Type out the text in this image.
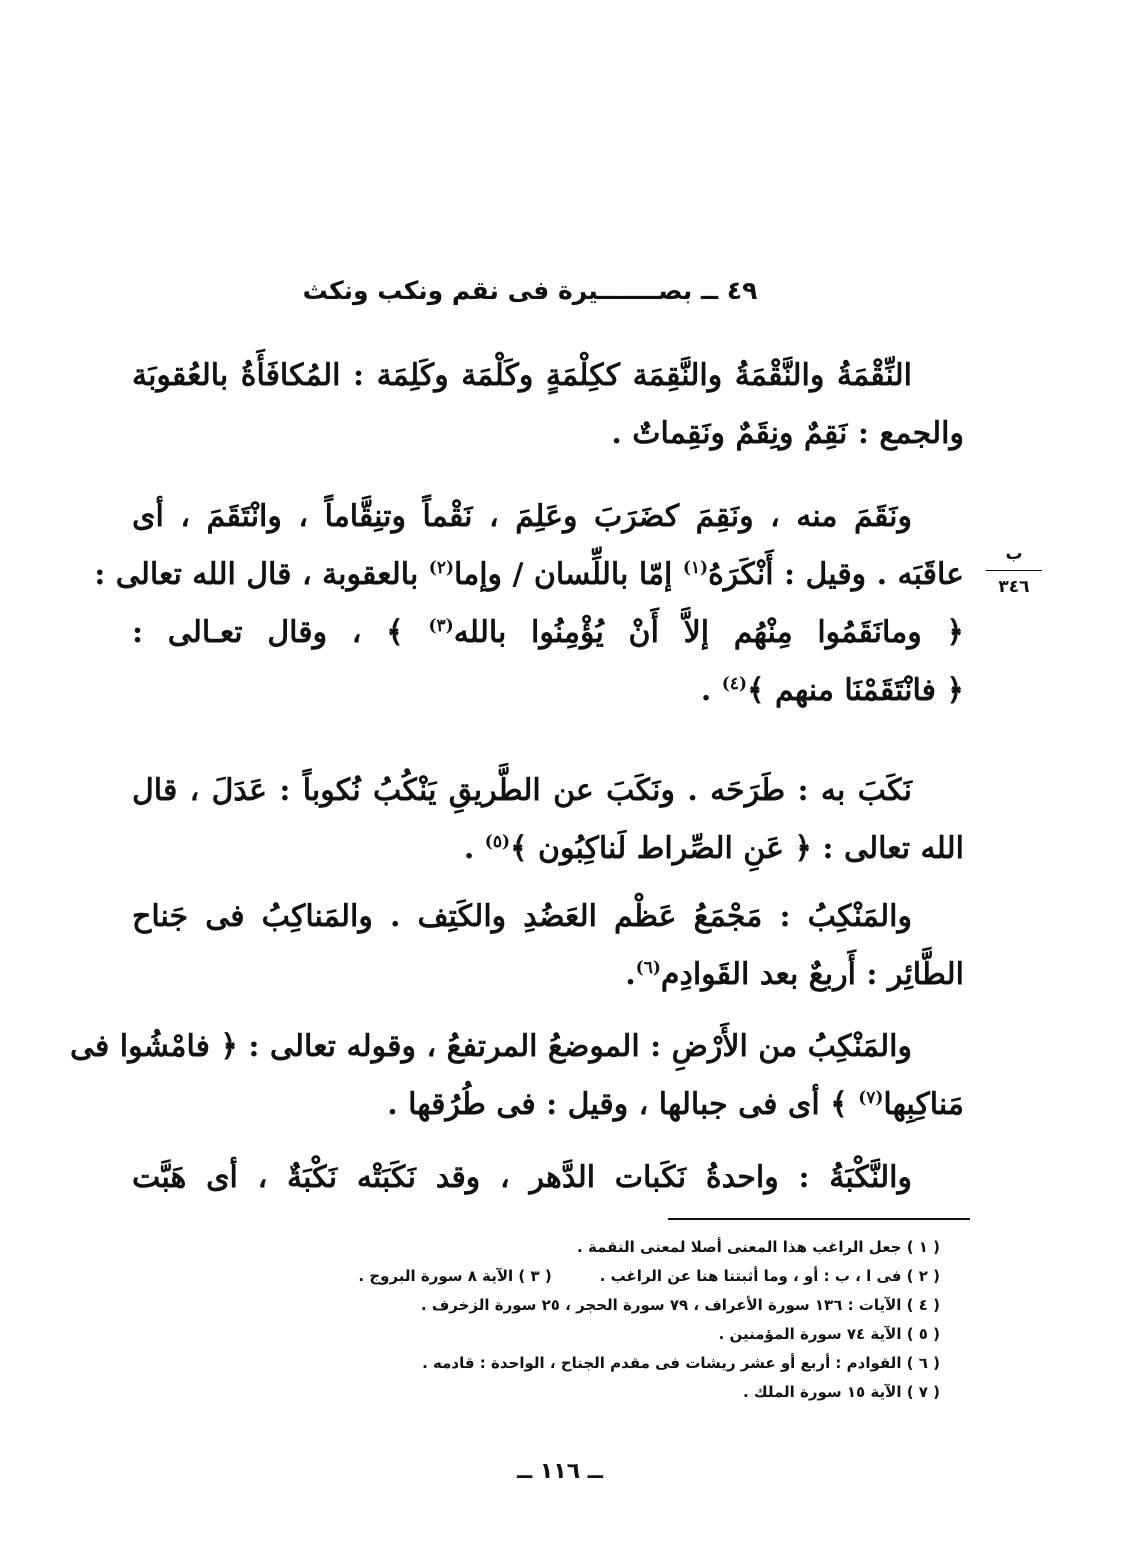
٤٩ ــ بصـــــــيرة فى نقم ونكب ونكث
ب
٣٤٦
النِّقْمَةُ والنَّقْمَةُ والنَّقِمَة ككِلْمَةٍ وكَلْمَة وكَلِمَة : المُكافَأَةُ بالعُقوبَة
والجمع : نَقِمٌ ونِقَمٌ ونَقِماتٌ .
ونَقَمَ منه ، ونَقِمَ كضَرَبَ وعَلِمَ ، نَقْماً وتنِقَّاماً ، وانْتَقَمَ ، أى
عاقَبَه . وقيل : أَنْكَرَهُ$^{(١)}$ إمّا باللِّسان / وإما$^{(٢)}$ بالعقوبة ، قال الله تعالى :
﴿ ومانَقَمُوا مِنْهُم إلاَّ أَنْ يُؤْمِنُوا بالله$^{(٣)}$ ﴾ ، وقال تعـالى :
﴿ فانْتَقَمْنَا منهم ﴾$^{(٤)}$ .
نَكَبَ به : طَرَحَه . ونَكَبَ عن الطَّريقِ يَنْكُبُ نُكوباً : عَدَلَ ، قال
الله تعالى : ﴿ عَنِ الصِّراط لَناكِبُون ﴾$^{(٥)}$ .
والمَنْكِبُ : مَجْمَعُ عَظْم العَضُدِ والكَتِف . والمَناكِبُ فى جَناح
الطَّائِر : أَربعٌ بعد القَوادِم$^{(٦)}$.
والمَنْكِبُ من الأَرْضِ : الموضعُ المرتفعُ ، وقوله تعالى : ﴿ فامْشُوا فى
مَناكِبِها$^{(٧)}$ ﴾ أى فى جبالها ، وقيل : فى طُرُقها .
والنَّكْبَةُ : واحدةُ نَكَبات الدَّهر ، وقد نَكَبَتْه نَكْبَةٌ ، أى هَبَّت
( ١ ) جعل الراغب هذا المعنى أصلا لمعنى النقمة .
( ٢ ) فى ا ، ب : أو ، وما أثبتنا هنا عن الراغب .( ٣ ) الآية ٨ سورة البروج .
( ٤ ) الآيات : ١٣٦ سورة الأعراف ، ٧٩ سورة الحجر ، ٢٥ سورة الزخرف .
( ٥ ) الآية ٧٤ سورة المؤمنين .
( ٦ ) القوادم : أربع أو عشر ريشات فى مقدم الجناح ، الواحدة : قادمه .
( ٧ ) الآية ١٥ سورة الملك .
ــ ١١٦ ــ
